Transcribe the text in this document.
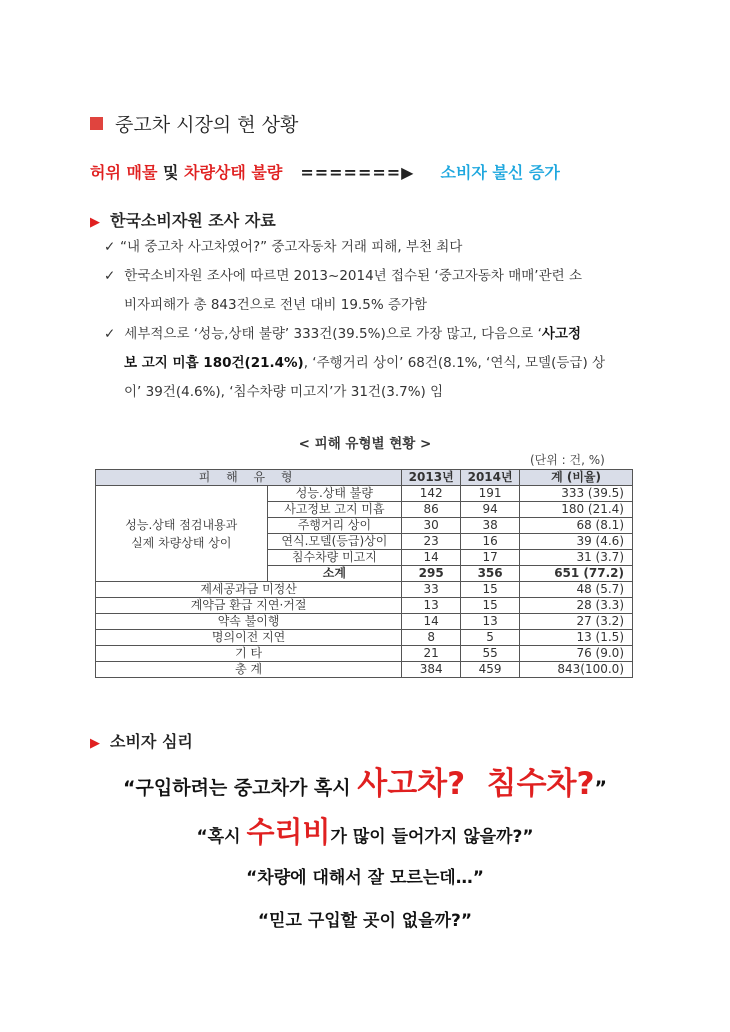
중고차 시장의 현 상황
허위 매물 및 차량상태 불량 =======▶ 소비자 불신 증가
▶ 한국소비자원 조사 자료
✓ “내 중고차 사고차였어?” 중고자동차 거래 피해, 부천 최다
✓ 한국소비자원 조사에 따르면 2013~2014년 접수된 ‘중고자동차 매매’관련 소
비자피해가 총 843건으로 전년 대비 19.5% 증가함
✓ 세부적으로 ‘성능,상태 불량’ 333건(39.5%)으로 가장 많고, 다음으로 ‘사고정
보 고지 미흡 180건(21.4%), ‘주행거리 상이’ 68건(8.1%, ‘연식, 모델(등급) 상
이’ 39건(4.6%), ‘침수차량 미고지’가 31건(3.7%) 임
< 피해 유형별 현황 >
(단위 : 건, %)
피 해 유 형		2013년	2014년	계 (비율)

성능.상태 점검내용과
실제 차량상태 상이	성능.상태 불량	142	191	333 (39.5)
	사고정보 고지 미흡	86	94	180 (21.4)
	주행거리 상이	30	38	68 (8.1)
	연식.모델(등급)상이	23	16	39 (4.6)
	침수차량 미고지	14	17	31 (3.7)
	소계	295	356	651 (77.2)
제세공과금 미정산		33	15	48 (5.7)
계약금 환급 지연·거절		13	15	28 (3.3)
약속 불이행		14	13	27 (3.2)
명의이전 지연		8	5	13 (1.5)
기 타		21	55	76 (9.0)
총 계		384	459	843(100.0)
▶ 소비자 심리
“구입하려는 중고차가 혹시 사고차?  침수차?”
“혹시 수리비가 많이 들어가지 않을까?”
“차량에 대해서 잘 모르는데…”
“믿고 구입할 곳이 없을까?”
